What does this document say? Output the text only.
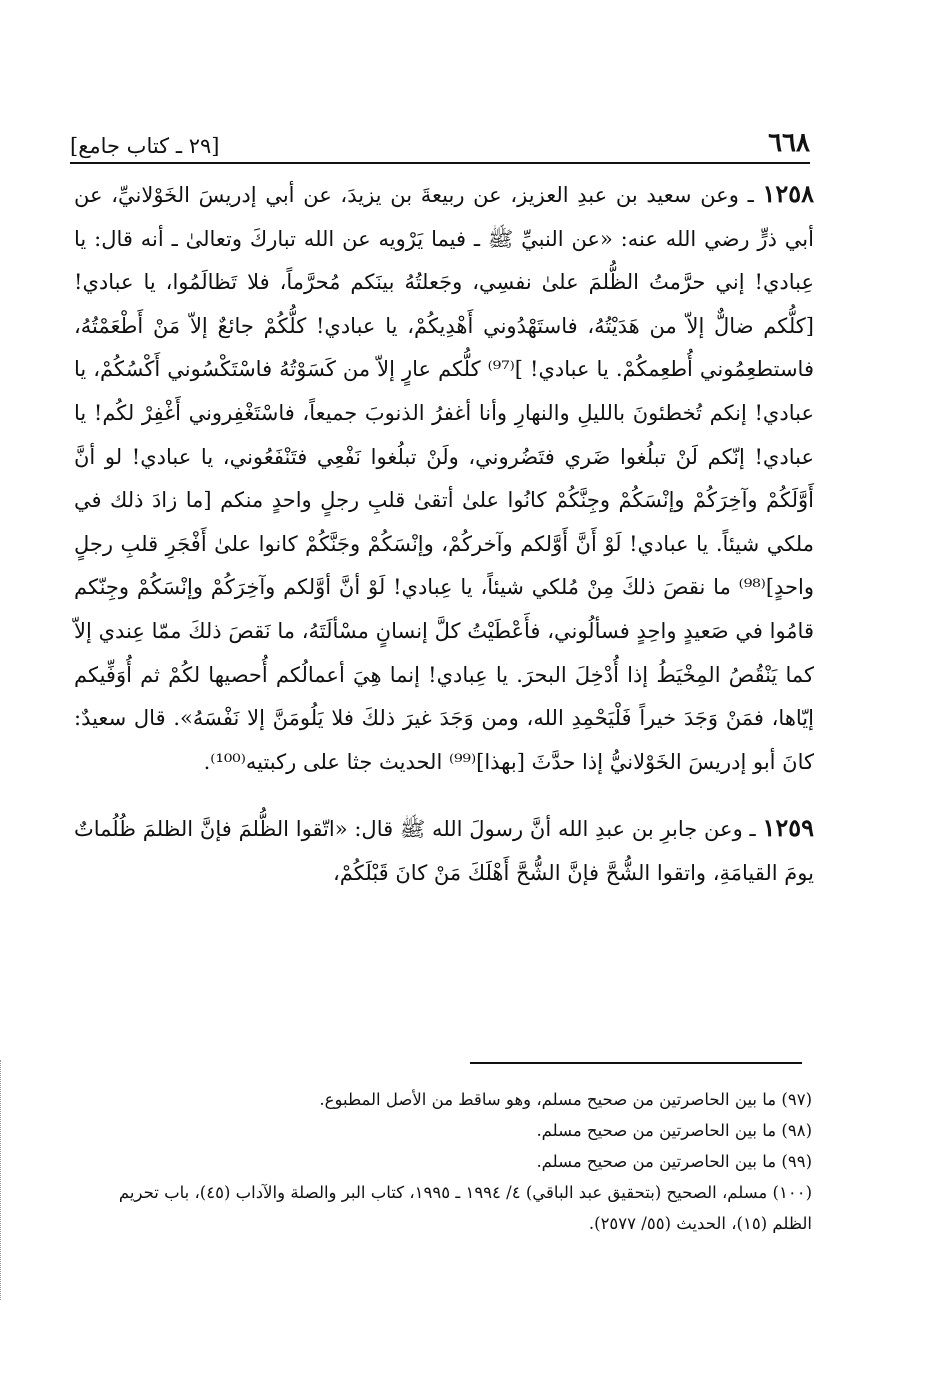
٦٦٨
[٢٩ ـ كتاب جامع]

١٢٥٨ ـ وعن سعيد بن عبدِ العزيز، عن ربيعةَ بن يزيدَ، عن أبي إدريسَ الخَوْلانيِّ، عن أبي ذرٍّ رضي الله عنه: «عن النبيِّ ﷺ ـ فيما يَرْويه عن الله تباركَ وتعالىٰ ـ أنه قال: يا عِبادي! إني حرَّمتُ الظُّلمَ علىٰ نفسِي، وجَعلتُهُ بينَكم مُحرَّماً، فلا تَظالَمُوا، يا عبادي! [كلُّكم ضالٌّ إلاّ من هَدَيْتُهُ، فاستَهْدُوني أَهْدِيكُمْ، يا عبادي! كلُّكُمْ جائعٌ إلاّ مَنْ أَطْعَمْتُهُ، فاستطعِمُوني أُطعِمكُمْ. يا عبادي! ]⁽⁹⁷⁾ كلُّكم عارٍ إلاّ من كَسَوْتُهُ فاسْتَكْسُوني أَكْسُكُمْ، يا عبادي! إنكم تُخطئونَ بالليلِ والنهارِ وأنا أغفرُ الذنوبَ جميعاً، فاسْتَغْفِروني أَغْفِرْ لكُم! يا عبادي! إنّكم لَنْ تبلُغوا ضَري فتَضُروني، ولَنْ تبلُغوا نَفْعِي فتَنْفَعُوني، يا عبادي! لو أنَّ أَوَّلَكُمْ وآخِرَكُمْ وإنْسَكُمْ وجِنَّكُمْ كانُوا علىٰ أتقىٰ قلبِ رجلٍ واحدٍ منكم [ما زادَ ذلك في ملكي شيئاً. يا عبادي! لَوْ أَنَّ أَوَّلكم وآخركُمْ، وإنْسَكُمْ وجَنَّكُمْ كانوا علىٰ أَفْجَرِ قلبِ رجلٍ واحدٍ]⁽⁹⁸⁾ ما نقصَ ذلكَ مِنْ مُلكي شيئاً، يا عِبادي! لَوْ أنَّ أوَّلكم وآخِرَكُمْ وإنْسَكُمْ وجِنّكم قامُوا في صَعيدٍ واحِدٍ فسألُوني، فأَعْطَيْتُ كلَّ إنسانٍ مسْألَتَهُ، ما نَقصَ ذلكَ ممّا عِندي إلاّ كما يَنْقُصُ المِخْيَطُ إذا أُدْخِلَ البحرَ. يا عِبادي! إنما هِيَ أعمالُكم أُحصيها لكُمْ ثم أُوَفِّيكم إيّاها، فمَنْ وَجَدَ خيراً فَلْيَحْمِدِ الله، ومن وَجَدَ غيرَ ذلكَ فلا يَلُومَنَّ إلا نَفْسَهُ». قال سعيدٌ: كانَ أبو إدريسَ الخَوْلانيُّ إذا حدَّثَ [بهذا]⁽⁹⁹⁾ الحديث جثا على ركبتيه⁽¹⁰⁰⁾.

١٢٥٩ ـ وعن جابرِ بن عبدِ الله أنَّ رسولَ الله ﷺ قال: «اتّقوا الظُّلمَ فإنَّ الظلمَ ظُلُماتٌ يومَ القيامَةِ، واتقوا الشُّحَّ فإنَّ الشُّحَّ أَهْلَكَ مَنْ كانَ قَبْلَكُمْ،

(٩٧) ما بين الحاصرتين من صحيح مسلم، وهو ساقط من الأصل المطبوع.

(٩٨) ما بين الحاصرتين من صحيح مسلم.

(٩٩) ما بين الحاصرتين من صحيح مسلم.

(١٠٠) مسلم، الصحيح (بتحقيق عبد الباقي) ٤/ ١٩٩٤ ـ ١٩٩٥، كتاب البر والصلة والآداب (٤٥)، باب تحريم الظلم (١٥)، الحديث (٥٥/ ٢٥٧٧).
